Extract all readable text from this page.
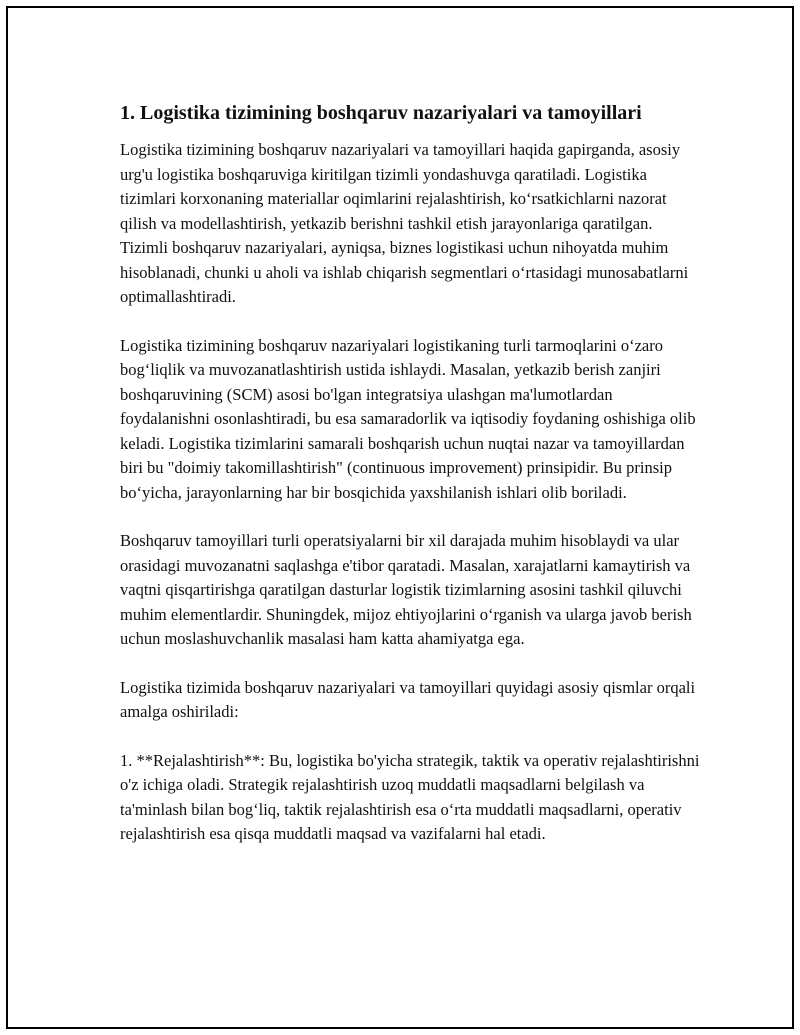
1. Logistika tizimining boshqaruv nazariyalari va tamoyillari

Logistika tizimining boshqaruv nazariyalari va tamoyillari haqida gapirganda, asosiy urg'u logistika boshqaruviga kiritilgan tizimli yondashuvga qaratiladi. Logistika tizimlari korxonaning materiallar oqimlarini rejalashtirish, ko‘rsatkichlarni nazorat qilish va modellashtirish, yetkazib berishni tashkil etish jarayonlariga qaratilgan. Tizimli boshqaruv nazariyalari, ayniqsa, biznes logistikasi uchun nihoyatda muhim hisoblanadi, chunki u aholi va ishlab chiqarish segmentlari o‘rtasidagi munosabatlarni optimallashtiradi.

Logistika tizimining boshqaruv nazariyalari logistikaning turli tarmoqlarini o‘zaro bog‘liqlik va muvozanatlashtirish ustida ishlaydi. Masalan, yetkazib berish zanjiri boshqaruvining (SCM) asosi bo'lgan integratsiya ulashgan ma'lumotlardan foydalanishni osonlashtiradi, bu esa samaradorlik va iqtisodiy foydaning oshishiga olib keladi. Logistika tizimlarini samarali boshqarish uchun nuqtai nazar va tamoyillardan biri bu "doimiy takomillashtirish" (continuous improvement) prinsipidir. Bu prinsip bo‘yicha, jarayonlarning har bir bosqichida yaxshilanish ishlari olib boriladi.

Boshqaruv tamoyillari turli operatsiyalarni bir xil darajada muhim hisoblaydi va ular orasidagi muvozanatni saqlashga e'tibor qaratadi. Masalan, xarajatlarni kamaytirish va vaqtni qisqartirishga qaratilgan dasturlar logistik tizimlarning asosini tashkil qiluvchi muhim elementlardir. Shuningdek, mijoz ehtiyojlarini o‘rganish va ularga javob berish uchun moslashuvchanlik masalasi ham katta ahamiyatga ega.

Logistika tizimida boshqaruv nazariyalari va tamoyillari quyidagi asosiy qismlar orqali amalga oshiriladi:

1. **Rejalashtirish**: Bu, logistika bo'yicha strategik, taktik va operativ rejalashtirishni o'z ichiga oladi. Strategik rejalashtirish uzoq muddatli maqsadlarni belgilash va ta'minlash bilan bog‘liq, taktik rejalashtirish esa o‘rta muddatli maqsadlarni, operativ rejalashtirish esa qisqa muddatli maqsad va vazifalarni hal etadi.
